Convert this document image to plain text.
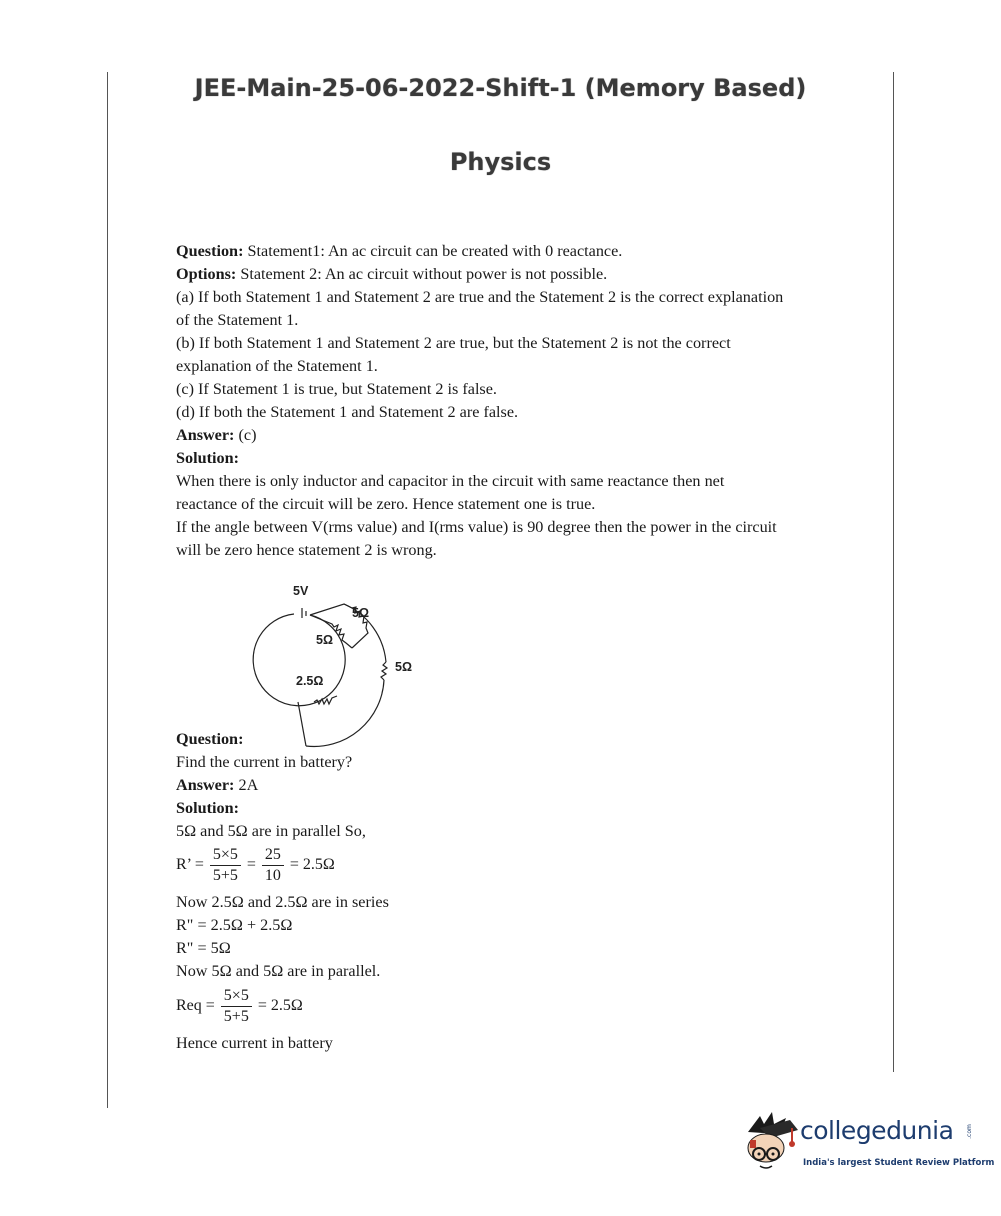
JEE-Main-25-06-2022-Shift-1 (Memory Based)
Physics

Question: Statement1: An ac circuit can be created with 0 reactance.

Options: Statement 2: An ac circuit without power is not possible.

(a) If both Statement 1 and Statement 2 are true and the Statement 2 is the correct explanation

of the Statement 1.

(b) If both Statement 1 and Statement 2 are true, but the Statement 2 is not the correct

explanation of the Statement 1.

(c) If Statement 1 is true, but Statement 2 is false.

(d) If both the Statement 1 and Statement 2 are false.

Answer: (c)

Solution:

When there is only inductor and capacitor in the circuit with same reactance then net

reactance of the circuit will be zero. Hence statement one is true.

If the angle between V(rms value) and I(rms value) is 90 degree then the power in the circuit

will be zero hence statement 2 is wrong.

5V
5Ω
5Ω
5Ω
2.5Ω

Question:

Find the current in battery?

Answer: 2A

Solution:

5Ω and 5Ω are in parallel So,

R’ = $\frac{5\times 5}{5+5} = \frac{25}{10} = 2.5\Omega$

Now 2.5Ω and 2.5Ω are in series

R" = 2.5Ω + 2.5Ω

R" = 5Ω

Now 5Ω and 5Ω are in parallel.

Req = $\frac{5\times 5}{5+5} = 2.5\Omega$

Hence current in battery

collegedunia .com
India's largest Student Review Platform
